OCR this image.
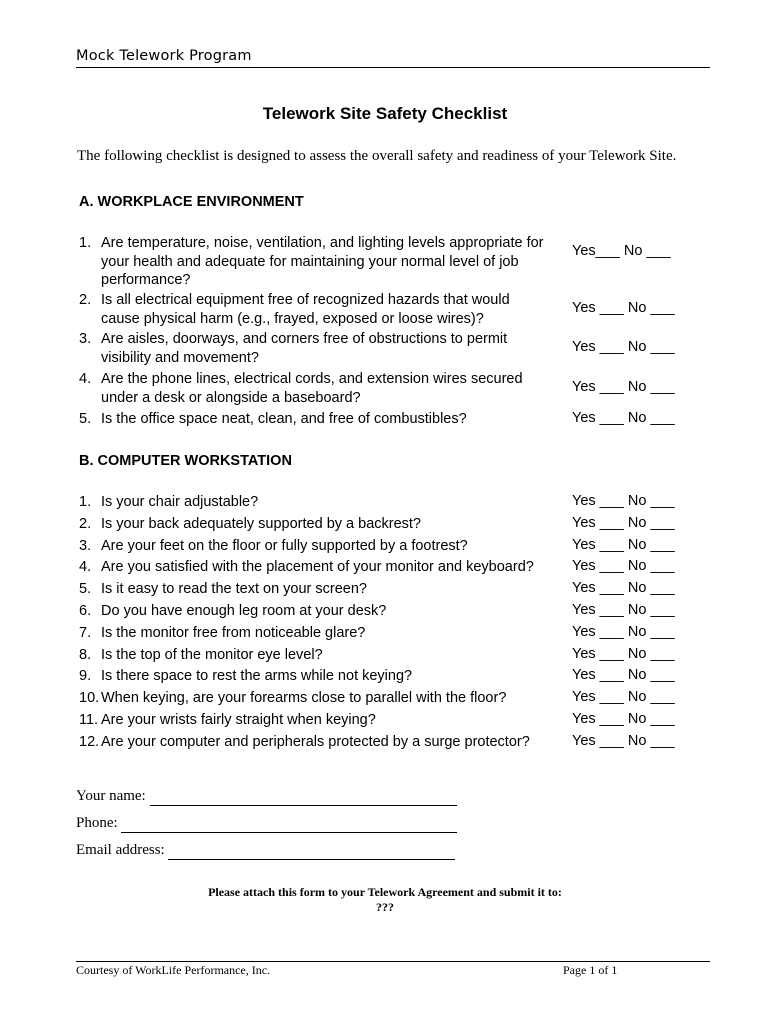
Mock Telework Program
Telework Site Safety Checklist
The following checklist is designed to assess the overall safety and readiness of your Telework Site.
A. WORKPLACE ENVIRONMENT
1. Are temperature, noise, ventilation, and lighting levels appropriate for
your health and adequate for maintaining your normal level of job
performance?
Yes___ No ___
2. Is all electrical equipment free of recognized hazards that would
cause physical harm (e.g., frayed, exposed or loose wires)?
Yes ___ No ___
3. Are aisles, doorways, and corners free of obstructions to permit
visibility and movement?
Yes ___ No ___
4. Are the phone lines, electrical cords, and extension wires secured
under a desk or alongside a baseboard?
Yes ___ No ___
5. Is the office space neat, clean, and free of combustibles?	Yes ___ No ___
B. COMPUTER WORKSTATION
1. Is your chair adjustable?	Yes ___ No ___
2. Is your back adequately supported by a backrest?	Yes ___ No ___
3. Are your feet on the floor or fully supported by a footrest?	Yes ___ No ___
4. Are you satisfied with the placement of your monitor and keyboard?	Yes ___ No ___
5. Is it easy to read the text on your screen?	Yes ___ No ___
6. Do you have enough leg room at your desk?	Yes ___ No ___
7. Is the monitor free from noticeable glare?	Yes ___ No ___
8. Is the top of the monitor eye level?	Yes ___ No ___
9. Is there space to rest the arms while not keying?	Yes ___ No ___
10. When keying, are your forearms close to parallel with the floor?	Yes ___ No ___
11. Are your wrists fairly straight when keying?	Yes ___ No ___
12. Are your computer and peripherals protected by a surge protector?	Yes ___ No ___
Your name:
Phone:
Email address:
Please attach this form to your Telework Agreement and submit it to:
???
Courtesy of WorkLife Performance, Inc.	Page 1 of 1
